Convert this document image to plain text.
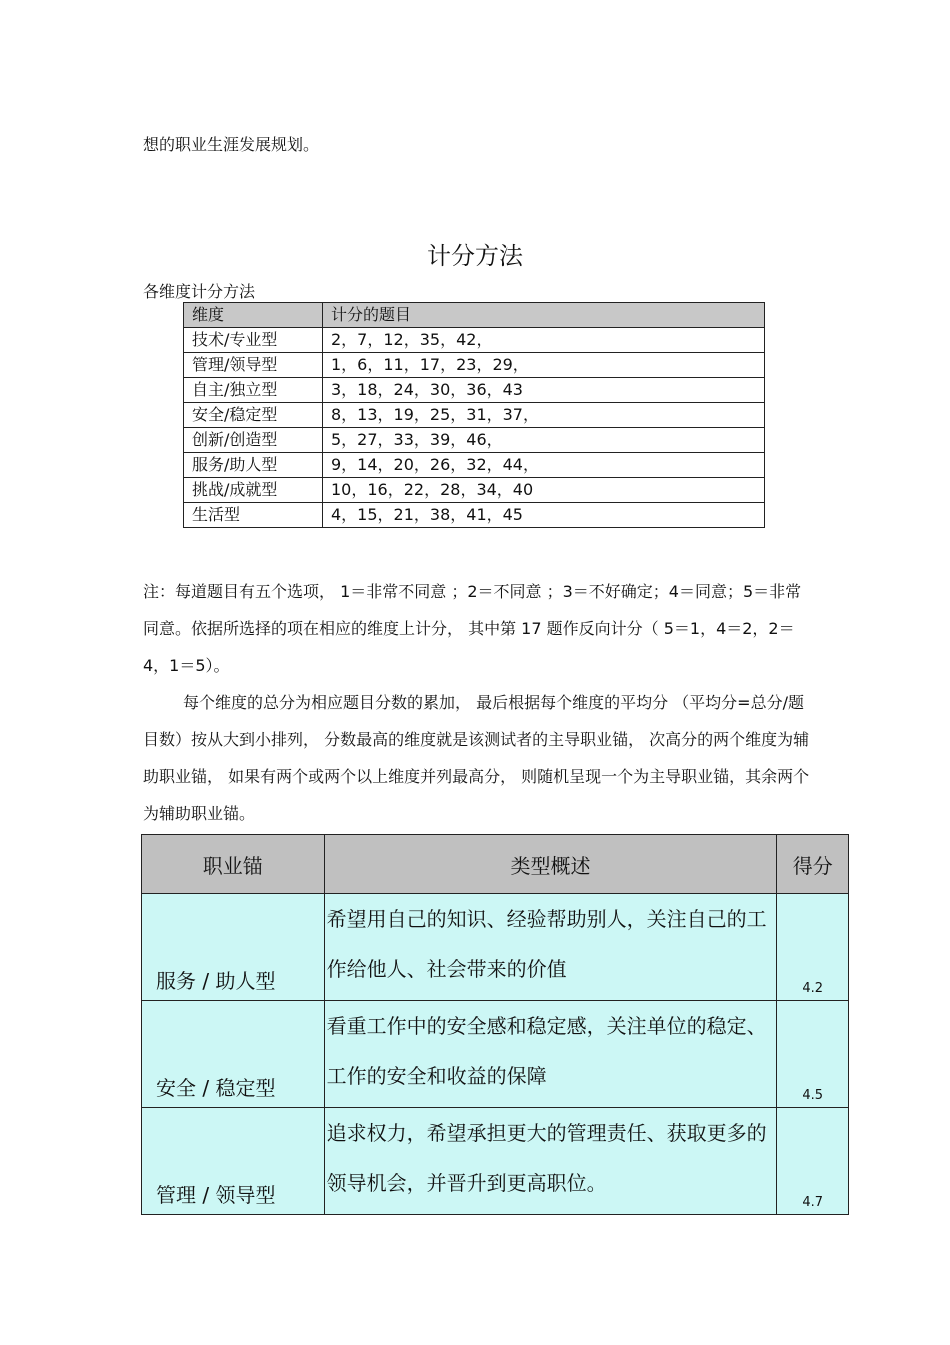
想的职业生涯发展规划。
计分方法
各维度计分方法
维度	计分的题目
技术/专业型	2，7，12，35，42，
管理/领导型	1，6，11，17，23，29，
自主/独立型	3，18，24，30，36，43
安全/稳定型	8，13，19，25，31，37，
创新/创造型	5，27，33，39，46，
服务/助人型	9，14，20，26，32，44，
挑战/成就型	10，16，22，28，34，40
生活型	4，15，21，38，41，45
注：每道题目有五个选项， 1＝非常不同意 ；2＝不同意 ；3＝不好确定；4＝同意；5＝非常同意。依据所选择的项在相应的维度上计分， 其中第 17 题作反向计分（ 5＝1，4＝2，2＝4，1＝5）。
每个维度的总分为相应题目分数的累加， 最后根据每个维度的平均分 （平均分=总分/题目数）按从大到小排列， 分数最高的维度就是该测试者的主导职业锚， 次高分的两个维度为辅助职业锚， 如果有两个或两个以上维度并列最高分， 则随机呈现一个为主导职业锚，其余两个为辅助职业锚。
职业锚	类型概述	得分
服务 / 助人型	希望用自己的知识、经验帮助别人，关注自己的工作给他人、社会带来的价值	4.2
安全 / 稳定型	看重工作中的安全感和稳定感，关注单位的稳定、工作的安全和收益的保障	4.5
管理 / 领导型	追求权力，希望承担更大的管理责任、获取更多的领导机会，并晋升到更高职位。	4.7
